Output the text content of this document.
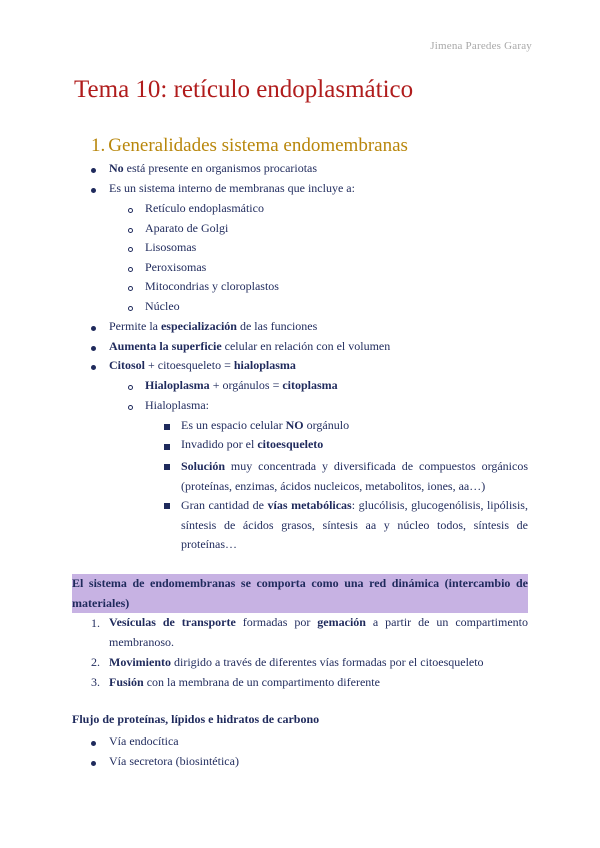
Jimena Paredes Garay
Tema 10: retículo endoplasmático
1. Generalidades sistema endomembranas
No está presente en organismos procariotas
Es un sistema interno de membranas que incluye a:
Retículo endoplasmático
Aparato de Golgi
Lisosomas
Peroxisomas
Mitocondrias y cloroplastos
Núcleo
Permite la especialización de las funciones
Aumenta la superficie celular en relación con el volumen
Citosol + citoesqueleto = hialoplasma
Hialoplasma + orgánulos = citoplasma
Hialoplasma:
Es un espacio celular NO orgánulo
Invadido por el citoesqueleto
Solución muy concentrada y diversificada de compuestos orgánicos (proteínas, enzimas, ácidos nucleicos, metabolitos, iones, aa…)
Gran cantidad de vías metabólicas: glucólisis, glucogenólisis, lipólisis, síntesis de ácidos grasos, síntesis aa y núcleo todos, síntesis de proteínas…
El sistema de endomembranas se comporta como una red dinámica (intercambio de materiales)
1. Vesículas de transporte formadas por gemación a partir de un compartimento membranoso.
2. Movimiento dirigido a través de diferentes vías formadas por el citoesqueleto
3. Fusión con la membrana de un compartimento diferente
Flujo de proteínas, lípidos e hidratos de carbono
Vía endocítica
Vía secretora (biosintética)
